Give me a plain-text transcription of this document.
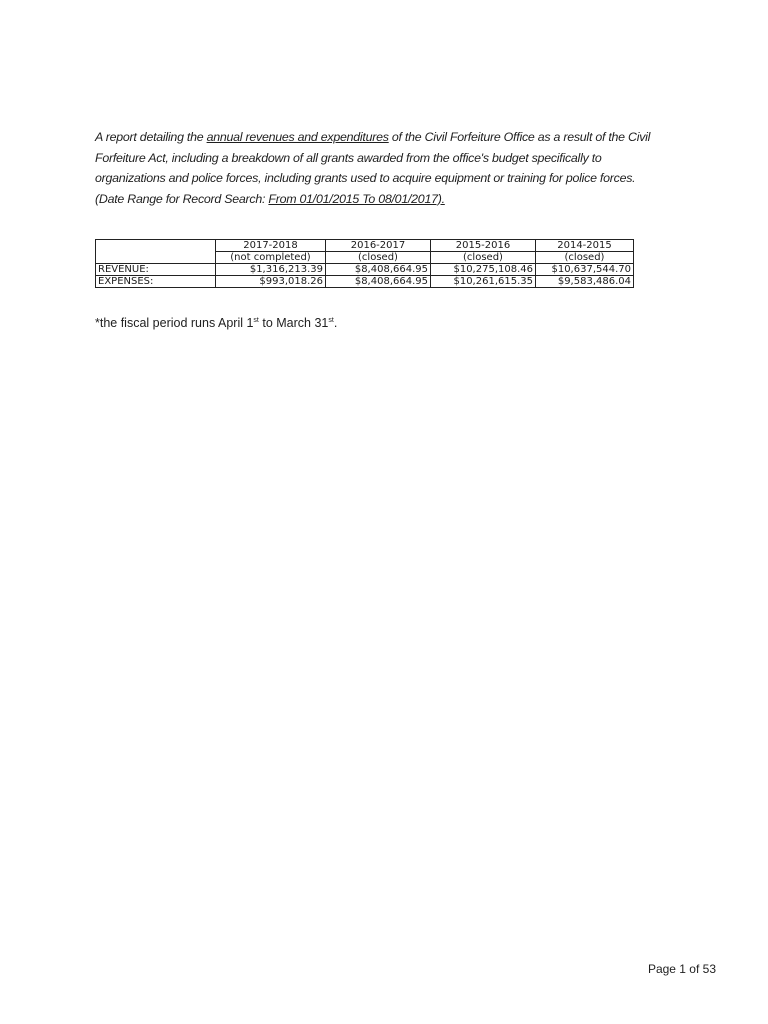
A report detailing the annual revenues and expenditures of the Civil Forfeiture Office as a result of the Civil Forfeiture Act, including a breakdown of all grants awarded from the office's budget specifically to organizations and police forces, including grants used to acquire equipment or training for police forces. (Date Range for Record Search: From 01/01/2015 To 08/01/2017).
	2017-2018	2016-2017	2015-2016	2014-2015
	(not completed)	(closed)	(closed)	(closed)
REVENUE:	$1,316,213.39	$8,408,664.95	$10,275,108.46	$10,637,544.70
EXPENSES:	$993,018.26	$8,408,664.95	$10,261,615.35	$9,583,486.04
*the fiscal period runs April 1st to March 31st.
Page 1 of 53
